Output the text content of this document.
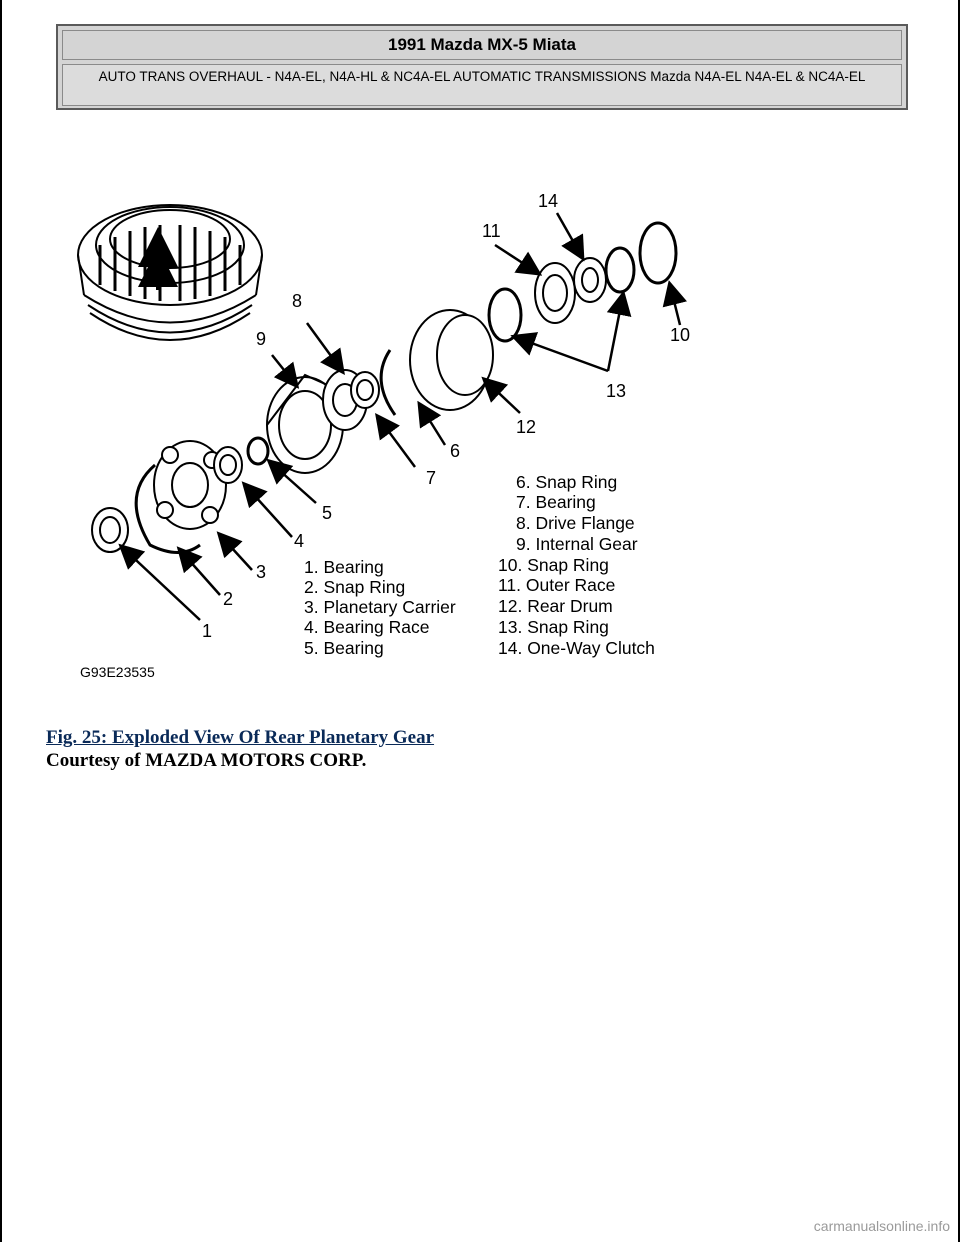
1991 Mazda MX-5 Miata
AUTO TRANS OVERHAUL - N4A-EL, N4A-HL & NC4A-EL AUTOMATIC TRANSMISSIONS Mazda N4A-EL N4A-EL & NC4A-EL
1
2
3
4
5
6
7
8
9	10
11
12
13
14
1. Bearing
2. Snap Ring
3. Planetary Carrier
4. Bearing Race
5. Bearing
6. Snap Ring
7. Bearing
8. Drive Flange
9. Internal Gear
10. Snap Ring
11. Outer Race
12. Rear Drum
13. Snap Ring
14. One-Way Clutch
G93E23535
Fig. 25: Exploded View Of Rear Planetary Gear
Courtesy of MAZDA MOTORS CORP.
carmanualsonline.info
